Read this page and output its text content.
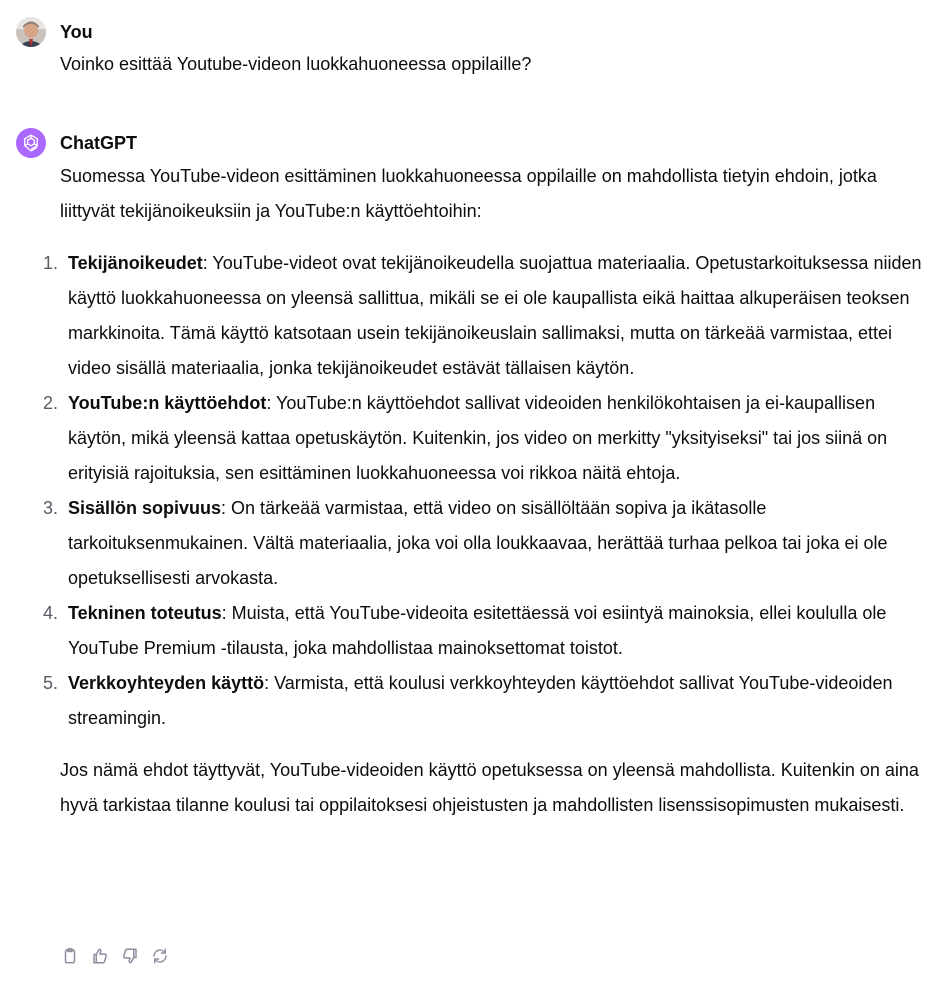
You
Voinko esittää Youtube-videon luokkahuoneessa oppilaille?
ChatGPT

Suomessa YouTube-videon esittäminen luokkahuoneessa oppilaille on mahdollista tietyin ehdoin, jotka liittyvät tekijänoikeuksiin ja YouTube:n käyttöehtoihin:

1. Tekijänoikeudet: YouTube-videot ovat tekijänoikeudella suojattua materiaalia. Opetustarkoituksessa niiden käyttö luokkahuoneessa on yleensä sallittua, mikäli se ei ole kaupallista eikä haittaa alkuperäisen teoksen markkinoita. Tämä käyttö katsotaan usein tekijänoikeuslain sallimaksi, mutta on tärkeää varmistaa, ettei video sisällä materiaalia, jonka tekijänoikeudet estävät tällaisen käytön.
2. YouTube:n käyttöehdot: YouTube:n käyttöehdot sallivat videoiden henkilökohtaisen ja ei-kaupallisen käytön, mikä yleensä kattaa opetuskäytön. Kuitenkin, jos video on merkitty "yksityiseksi" tai jos siinä on erityisiä rajoituksia, sen esittäminen luokkahuoneessa voi rikkoa näitä ehtoja.
3. Sisällön sopivuus: On tärkeää varmistaa, että video on sisällöltään sopiva ja ikätasolle tarkoituksenmukainen. Vältä materiaalia, joka voi olla loukkaavaa, herättää turhaa pelkoa tai joka ei ole opetuksellisesti arvokasta.
4. Tekninen toteutus: Muista, että YouTube-videoita esitettäessä voi esiintyä mainoksia, ellei koululla ole YouTube Premium -tilausta, joka mahdollistaa mainoksettomat toistot.
5. Verkkoyhteyden käyttö: Varmista, että koulusi verkkoyhteyden käyttöehdot sallivat YouTube-videoiden streamingin.

Jos nämä ehdot täyttyvät, YouTube-videoiden käyttö opetuksessa on yleensä mahdollista. Kuitenkin on aina hyvä tarkistaa tilanne koulusi tai oppilaitoksesi ohjeistusten ja mahdollisten lisenssisopimusten mukaisesti.
